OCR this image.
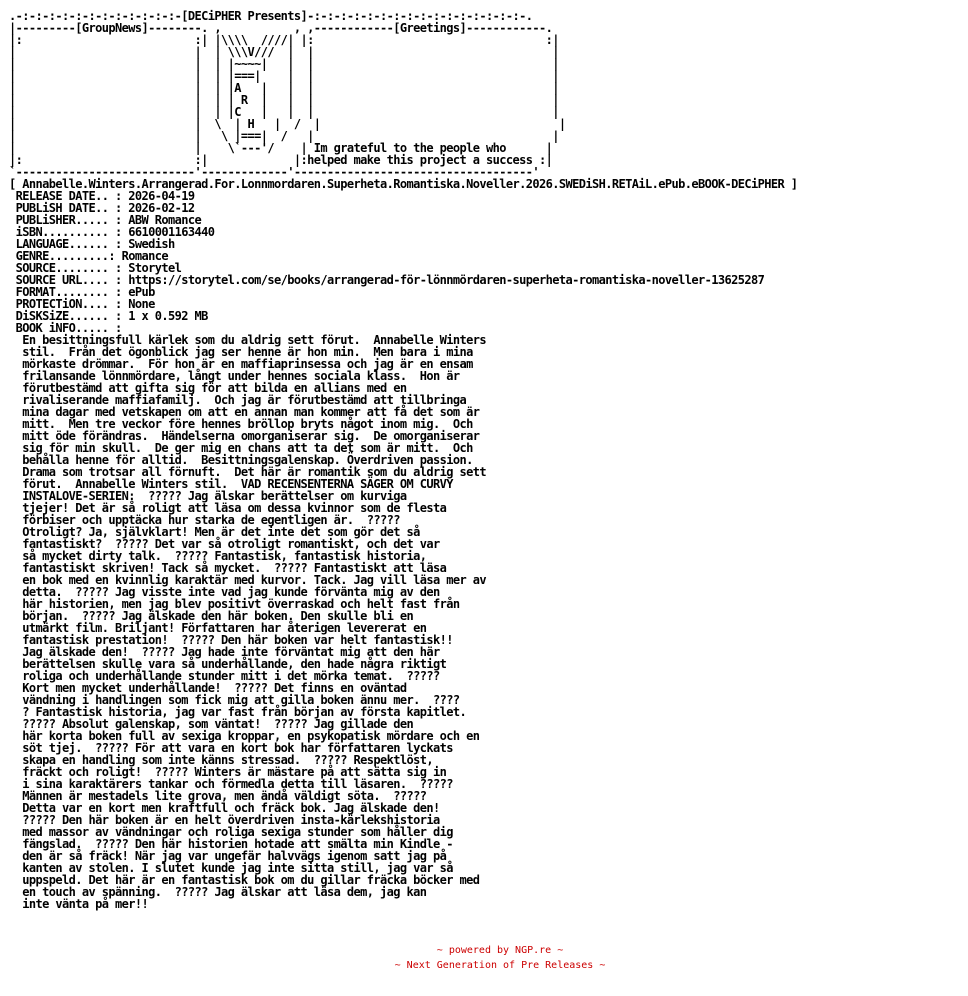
.-:-:-:-:-:-:-:-:-:-:-:-:-[DECiPHER Presents]-:-:-:-:-:-:-:-:-:-:-:-:-:-:-:-:-.
|---------[GroupNews]--------. ,           , ,------------[Greetings]------------.
|:                          :| |\\\\  ////| |:                                   :|
|                           |  | \\\V///  |  |                                    |
|                           |  | |~~~~|   |  |                                    |
|                           |  | |===|    |  |                                    |
|                           |  | |A   |   |  |                                    |
|                           |  | | R  |   |  |                                    |
|                           |  | |C   |   |  |                                    |
|                           |  \  | H   |  /  |                                    |
|                           |   \ |===|  /   |                                    |
|                           |    \`---'/    | Im grateful to the people who      |
|:                          :|             |:helped make this project a success :|
`---------------------------'-------------'------------------------------------'
[ Annabelle.Winters.Arrangerad.For.Lonnmordaren.Superheta.Romantiska.Noveller.2026.SWEDiSH.RETAiL.ePub.eBOOK-DECiPHER ]
RELEASE DATE.. : 2026-04-19
PUBLiSH DATE.. : 2026-02-12
PUBLiSHER..... : ABW Romance
iSBN.......... : 6610001163440
LANGUAGE...... : Swedish
GENRE.........: Romance
SOURCE........ : Storytel
SOURCE URL.... : https://storytel.com/se/books/arrangerad-för-lönnmördaren-superheta-romantiska-noveller-13625287
FORMAT........ : ePub
PROTECTiON.... : None
DiSKSiZE...... : 1 x 0.592 MB
BOOK iNFO..... :
En besittningsfull kärlek som du aldrig sett förut.  Annabelle Winters
stil.  Från det ögonblick jag ser henne är hon min.  Men bara i mina
mörkaste drömmar.  För hon är en maffiaprinsessa och jag är en ensam
frilansande lönnmördare, långt under hennes sociala klass.  Hon är
förutbestämd att gifta sig för att bilda en allians med en
rivaliserande maffiafamilj.  Och jag är förutbestämd att tillbringa
mina dagar med vetskapen om att en annan man kommer att få det som är
mitt.  Men tre veckor före hennes bröllop bryts något inom mig.  Och
mitt öde förändras.  Händelserna omorganiserar sig.  De omorganiserar
sig för min skull.  De ger mig en chans att ta det som är mitt.  Och
behålla henne för alltid.  Besittningsgalenskap. Överdriven passion.
Drama som trotsar all förnuft.  Det här är romantik som du aldrig sett
förut.  Annabelle Winters stil.  VAD RECENSENTERNA SÄGER OM CURVY
INSTALOVE-SERIEN:  ????? Jag älskar berättelser om kurviga
tjejer! Det är så roligt att läsa om dessa kvinnor som de flesta
förbiser och upptäcka hur starka de egentligen är.  ?????
Otroligt? Ja, självklart! Men är det inte det som gör det så
fantastiskt?  ????? Det var så otroligt romantiskt, och det var
så mycket dirty talk.  ????? Fantastisk, fantastisk historia,
fantastiskt skriven! Tack så mycket.  ????? Fantastiskt att läsa
en bok med en kvinnlig karaktär med kurvor. Tack. Jag vill läsa mer av
detta.  ????? Jag visste inte vad jag kunde förvänta mig av den
här historien, men jag blev positivt överraskad och helt fast från
början.  ????? Jag älskade den här boken. Den skulle bli en
utmärkt film. Briljant! Författaren har återigen levererat en
fantastisk prestation!  ????? Den här boken var helt fantastisk!!
Jag älskade den!  ????? Jag hade inte förväntat mig att den här
berättelsen skulle vara så underhållande, den hade några riktigt
roliga och underhållande stunder mitt i det mörka temat.  ?????
Kort men mycket underhållande!  ????? Det finns en oväntad
vändning i handlingen som fick mig att gilla boken ännu mer.  ????
? Fantastisk historia, jag var fast från början av första kapitlet.
????? Absolut galenskap, som väntat!  ????? Jag gillade den
här korta boken full av sexiga kroppar, en psykopatisk mördare och en
söt tjej.  ????? För att vara en kort bok har författaren lyckats
skapa en handling som inte känns stressad.  ????? Respektlöst,
fräckt och roligt!  ????? Winters är mästare på att sätta sig in
i sina karaktärers tankar och förmedla detta till läsaren.  ?????
Männen är mestadels lite grova, men ändå väldigt söta.  ?????
Detta var en kort men kraftfull och fräck bok. Jag älskade den!
????? Den här boken är en helt överdriven insta-kärlekshistoria
med massor av vändningar och roliga sexiga stunder som håller dig
fängslad.  ????? Den här historien hotade att smälta min Kindle -
den är så fräck! När jag var ungefär halvvägs igenom satt jag på
kanten av stolen. I slutet kunde jag inte sitta still, jag var så
uppspeld. Det här är en fantastisk bok om du gillar fräcka böcker med
en touch av spänning.  ????? Jag älskar att läsa dem, jag kan
inte vänta på mer!!
~ powered by NGP.re ~
~ Next Generation of Pre Releases ~
